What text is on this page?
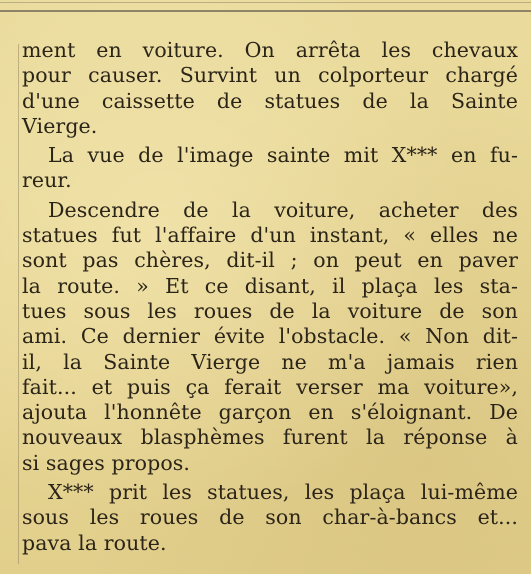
ment en voiture. On arrêta les chevaux
pour causer. Survint un colporteur chargé
d'une caissette de statues de la Sainte
Vierge.

La vue de l'image sainte mit X*** en fu-
reur.

Descendre de la voiture, acheter des
statues fut l'affaire d'un instant, « elles ne
sont pas chères, dit-il ; on peut en paver
la route. » Et ce disant, il plaça les sta-
tues sous les roues de la voiture de son
ami. Ce dernier évite l'obstacle. « Non dit-
il, la Sainte Vierge ne m'a jamais rien
fait... et puis ça ferait verser ma voiture»,
ajouta l'honnête garçon en s'éloignant. De
nouveaux blasphèmes furent la réponse à
si sages propos.

X*** prit les statues, les plaça lui-même
sous les roues de son char-à-bancs et...
pava la route.
